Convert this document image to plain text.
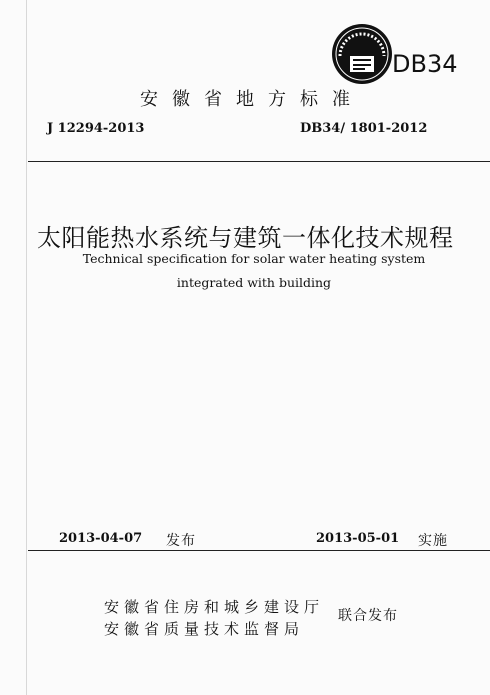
DB34
安徽省地方标准
J 12294-2013	DB34/ 1801-2012
太阳能热水系统与建筑一体化技术规程
Technical specification for solar water heating system
integrated with building
2013-04-07 发布	2013-05-01 实施
安徽省住房和城乡建设厅
安徽省质量技术监督局
联合发布
